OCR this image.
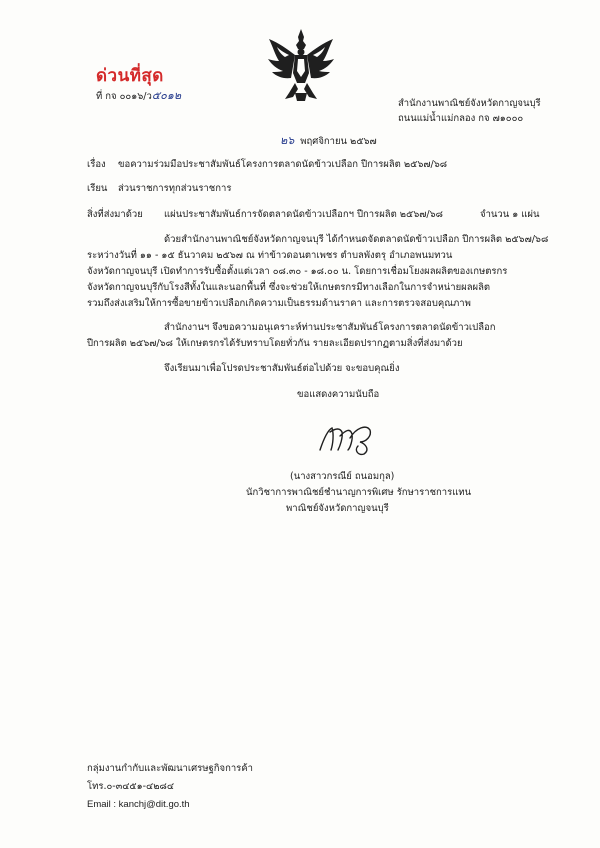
ด่วนที่สุด
ที่ กจ ๐๐๑๖/ว๕๐๑๒
สำนักงานพาณิชย์จังหวัดกาญจนบุรี
ถนนแม่น้ำแม่กลอง กจ ๗๑๐๐๐
๒๖ พฤศจิกายน ๒๕๖๗
เรื่อง ขอความร่วมมือประชาสัมพันธ์โครงการตลาดนัดข้าวเปลือก ปีการผลิต ๒๕๖๗/๖๘
เรียน ส่วนราชการทุกส่วนราชการ
สิ่งที่ส่งมาด้วย แผ่นประชาสัมพันธ์การจัดตลาดนัดข้าวเปลือกฯ ปีการผลิต ๒๕๖๗/๖๘	จำนวน ๑ แผ่น
ด้วยสำนักงานพาณิชย์จังหวัดกาญจนบุรี ได้กำหนดจัดตลาดนัดข้าวเปลือก ปีการผลิต ๒๕๖๗/๖๘
ระหว่างวันที่ ๑๑ - ๑๕ ธันวาคม ๒๕๖๗ ณ ท่าข้าวดอนตาเพชร ตำบลพังตรุ อำเภอพนมทวน
จังหวัดกาญจนบุรี เปิดทำการรับซื้อตั้งแต่เวลา ๐๘.๓๐ - ๑๘.๐๐ น. โดยการเชื่อมโยงผลผลิตของเกษตรกร
จังหวัดกาญจนบุรีกับโรงสีทั้งในและนอกพื้นที่ ซึ่งจะช่วยให้เกษตรกรมีทางเลือกในการจำหน่ายผลผลิต
รวมถึงส่งเสริมให้การซื้อขายข้าวเปลือกเกิดความเป็นธรรมด้านราคา และการตรวจสอบคุณภาพ
สำนักงานฯ จึงขอความอนุเคราะห์ท่านประชาสัมพันธ์โครงการตลาดนัดข้าวเปลือก
ปีการผลิต ๒๕๖๗/๖๘ ให้เกษตรกรได้รับทราบโดยทั่วกัน รายละเอียดปรากฏตามสิ่งที่ส่งมาด้วย
จึงเรียนมาเพื่อโปรดประชาสัมพันธ์ต่อไปด้วย จะขอบคุณยิ่ง
ขอแสดงความนับถือ
(นางสาวกรณีย์ ถนอมกุล)
นักวิชาการพาณิชย์ชำนาญการพิเศษ รักษาราชการแทน
พาณิชย์จังหวัดกาญจนบุรี
กลุ่มงานกำกับและพัฒนาเศรษฐกิจการค้า
โทร.๐-๓๔๕๑-๔๒๘๔
Email : kanchj@dit.go.th
